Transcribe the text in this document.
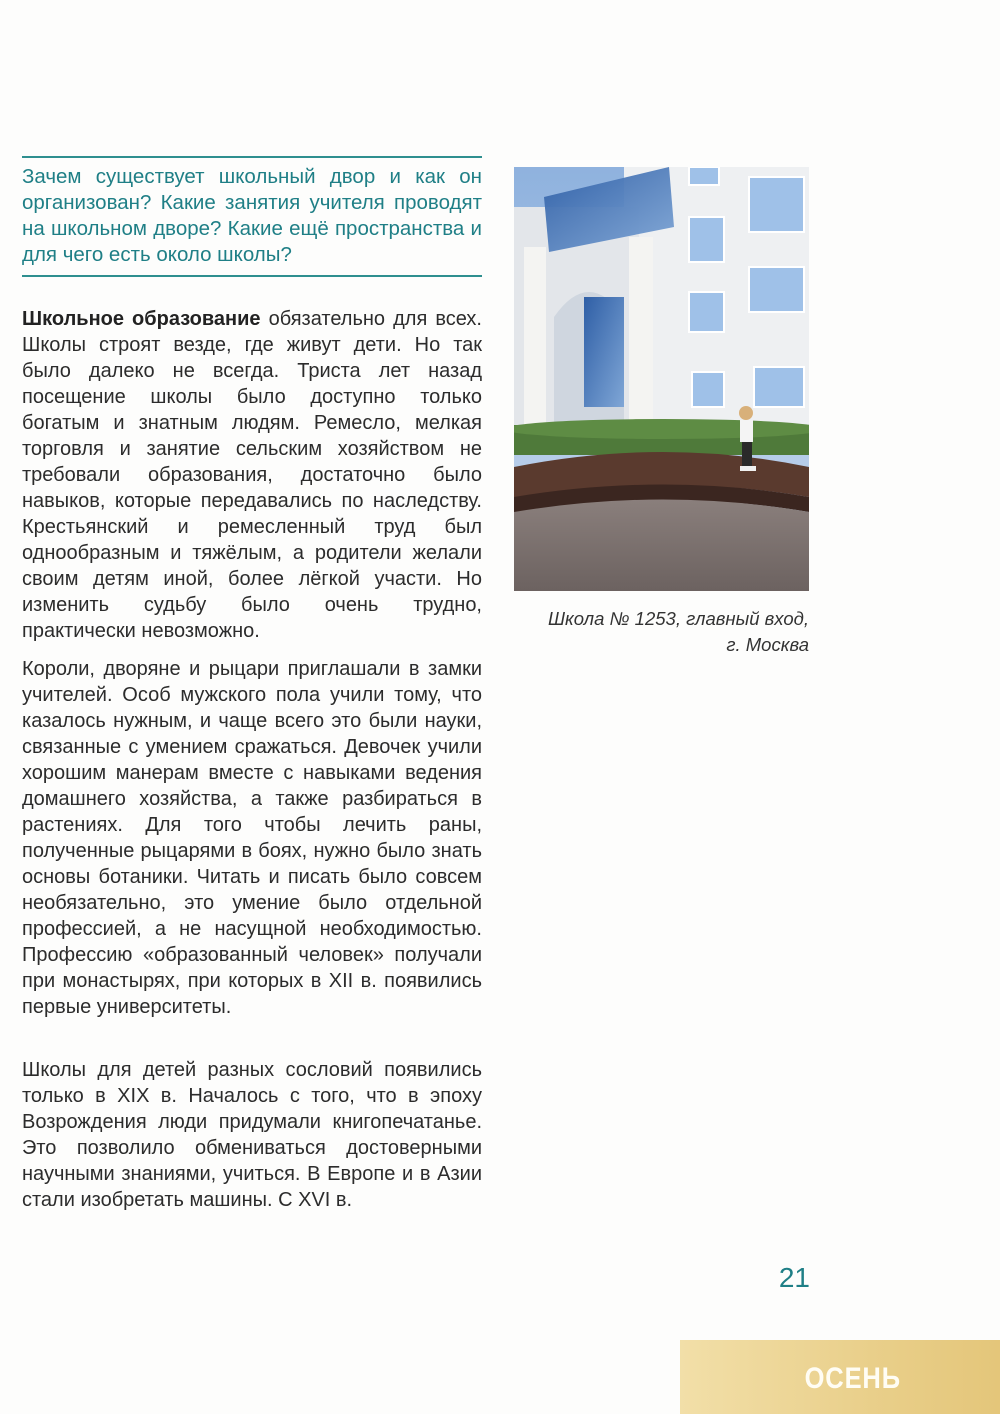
Зачем существует школьный двор и как он организован? Какие занятия учителя проводят на школьном дворе? Какие ещё пространства и для чего есть около школы?

Школьное образование обязательно для всех. Школы строят везде, где живут дети. Но так было далеко не всегда. Триста лет назад посещение школы было доступно только богатым и знатным людям. Ремесло, мелкая торговля и занятие сельским хозяйством не требовали образования, достаточно было навыков, которые передавались по наследству. Крестьянский и ремесленный труд был однообразным и тяжёлым, а родители желали своим детям иной, более лёгкой участи. Но изменить судьбу было очень трудно, практически невозможно.

Короли, дворяне и рыцари приглашали в замки учителей. Особ мужского пола учили тому, что казалось нужным, и чаще всего это были науки, связанные с умением сражаться. Девочек учили хорошим манерам вместе с навыками ведения домашнего хозяйства, а также разбираться в растениях. Для того чтобы лечить раны, полученные рыцарями в боях, нужно было знать основы ботаники. Читать и писать было совсем необязательно, это умение было отдельной профессией, а не насущной необходимостью. Профессию «образованный человек» получали при монастырях, при которых в XII в. появились первые университеты.

Школы для детей разных сословий появились только в XIX в. Началось с того, что в эпоху Возрождения люди придумали книгопечатанье. Это позволило обмениваться достоверными научными знаниями, учиться. В Европе и в Азии стали изобретать машины. С XVI в.

Школа № 1253, главный вход,
г. Москва
21
ОСЕНЬ
